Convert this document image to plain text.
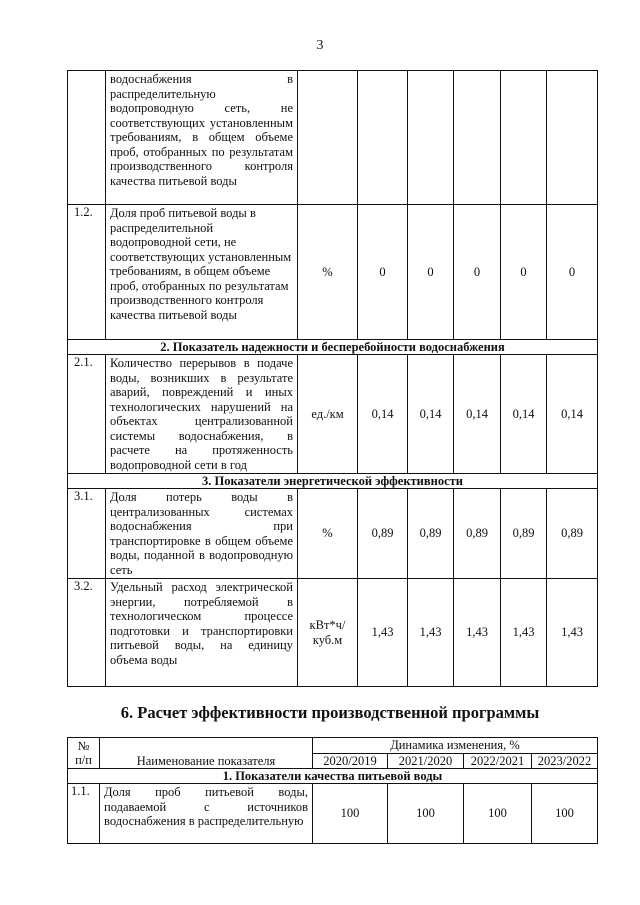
3
	водоснабжения в распределительную водопроводную сеть, не соответствующих установленным требованиям, в общем объеме проб, отобранных по результатам производственного контроля качества питьевой воды						
1.2.	Доля проб питьевой воды в распределительной водопроводной сети, не соответствующих установленным требованиям, в общем объеме проб, отобранных по результатам производственного контроля качества питьевой воды	%	0	0	0	0	0
2. Показатель надежности и бесперебойности водоснабжения							
2.1.	Количество перерывов в подаче воды, возникших в результате аварий, повреждений и иных технологических нарушений на объектах централизованной системы водоснабжения, в расчете на протяженность водопроводной сети в год	ед./км	0,14	0,14	0,14	0,14	0,14
3. Показатели энергетической эффективности							
3.1.	Доля потерь воды в централизованных системах водоснабжения при транспортировке в общем объеме воды, поданной в водопроводную сеть	%	0,89	0,89	0,89	0,89	0,89
3.2.	Удельный расход электрической энергии, потребляемой в технологическом процессе подготовки и транспортировки питьевой воды, на единицу объема воды	кВт*ч/ куб.м	1,43	1,43	1,43	1,43	1,43
6. Расчет эффективности производственной программы
№
п/п	Наименование показателя	Динамика изменения, %			
		2020/2019	2021/2020	2022/2021	2023/2022
1. Показатели качества питьевой воды					
1.1.	Доля проб питьевой воды, подаваемой с источников водоснабжения в распределительную	100	100	100	100
